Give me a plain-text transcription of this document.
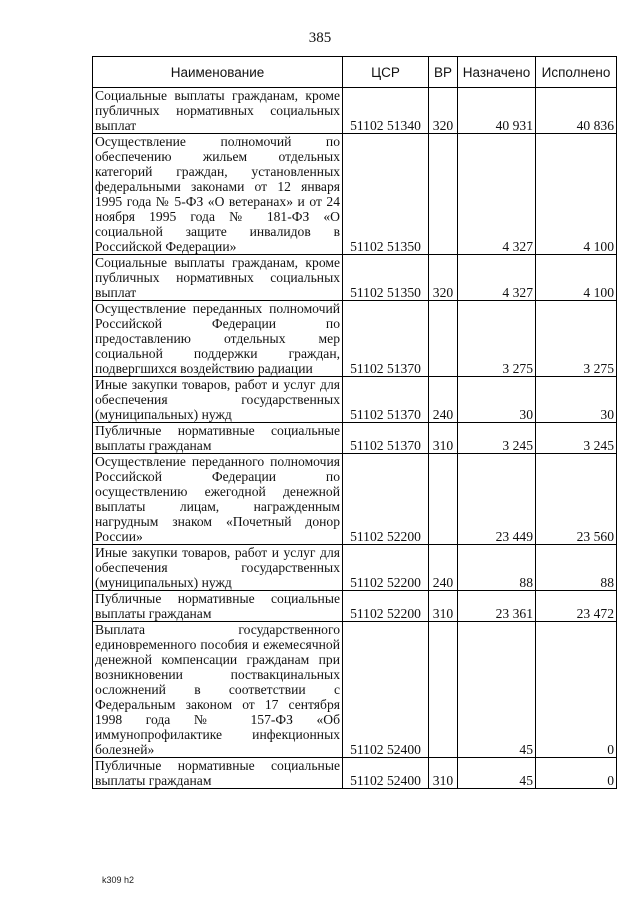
385
Наименование	ЦСР	ВР	Назначено	Исполнено
Социальные выплаты гражданам, кроме публичных нормативных социальных выплат	51102 51340	320	40 931	40 836
Осуществление полномочий по обеспечению жильем отдельных категорий граждан, установленных федеральными законами от 12 января 1995 года № 5-ФЗ «О ветеранах» и от 24 ноября 1995 года № 181-ФЗ «О социальной защите инвалидов в Российской Федерации»	51102 51350		4 327	4 100
Социальные выплаты гражданам, кроме публичных нормативных социальных выплат	51102 51350	320	4 327	4 100
Осуществление переданных полномочий Российской Федерации по предоставлению отдельных мер социальной поддержки граждан, подвергшихся воздействию радиации	51102 51370		3 275	3 275
Иные закупки товаров, работ и услуг для обеспечения государственных (муниципальных) нужд	51102 51370	240	30	30
Публичные нормативные социальные выплаты гражданам	51102 51370	310	3 245	3 245
Осуществление переданного полномочия Российской Федерации по осуществлению ежегодной денежной выплаты лицам, награжденным нагрудным знаком «Почетный донор России»	51102 52200		23 449	23 560
Иные закупки товаров, работ и услуг для обеспечения государственных (муниципальных) нужд	51102 52200	240	88	88
Публичные нормативные социальные выплаты гражданам	51102 52200	310	23 361	23 472
Выплата государственного единовременного пособия и ежемесячной денежной компенсации гражданам при возникновении поствакцинальных осложнений в соответствии с Федеральным законом от 17 сентября 1998 года № 157-ФЗ «Об иммунопрофилактике инфекционных болезней»	51102 52400		45	0
Публичные нормативные социальные выплаты гражданам	51102 52400	310	45	0
k309 h2
